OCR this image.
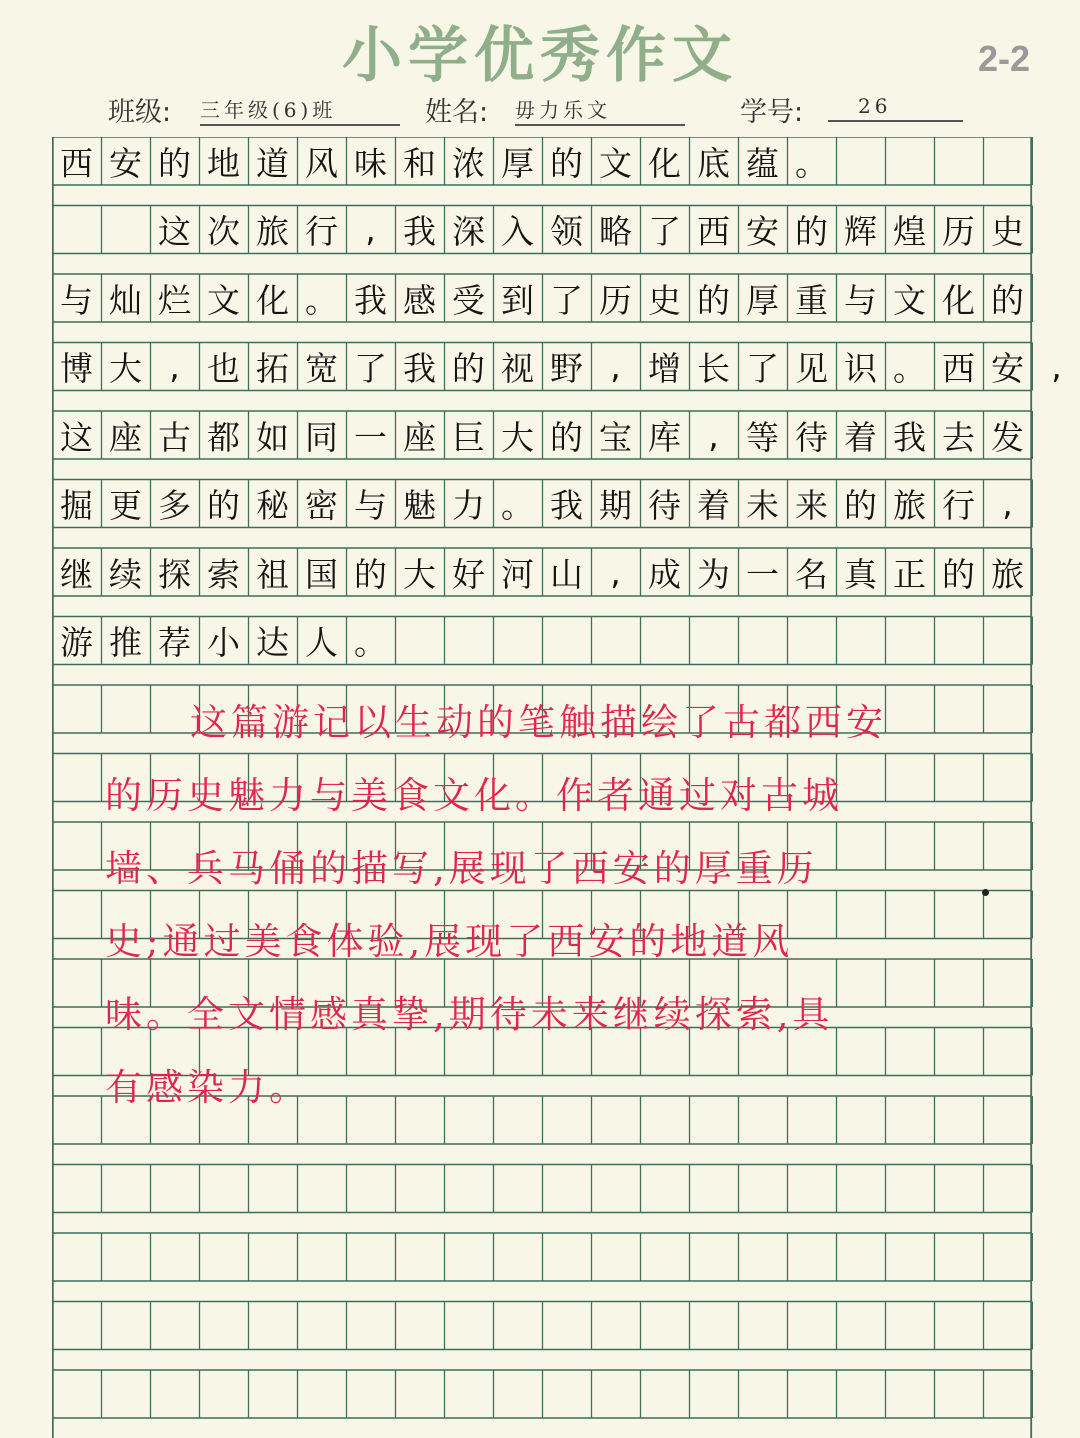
小学优秀作文	2-2
班级: 三年级(6)班	姓名: 毋力乐文	学号:	26
西 安 的 地 道 风 味 和 浓 厚 的 文 化 底 蕴 。
这 次 旅 行 , 我 深 入 领 略 了 西 安 的 辉 煌 历 史
与 灿 烂 文 化 。 我 感 受 到 了 历 史 的 厚 重 与 文 化 的
博 大 , 也 拓 宽 了 我 的 视 野 , 增 长 了 见 识 。 西 安 ,
这 座 古 都 如 同 一 座 巨 大 的 宝 库 , 等 待 着 我 去 发
掘 更 多 的 秘 密 与 魅 力 。 我 期 待 着 未 来 的 旅 行 ,
继 续 探 索 祖 国 的 大 好 河 山 , 成 为 一 名 真 正 的 旅
游 推 荐 小 达 人 。
这篇游记以生动的笔触描绘了古都西安
的历史魅力与美食文化。作者通过对古城
墙、兵马俑的描写,展现了西安的厚重历
史;通过美食体验,展现了西安的地道风
味。全文情感真挚,期待未来继续探索,具
有感染力。
